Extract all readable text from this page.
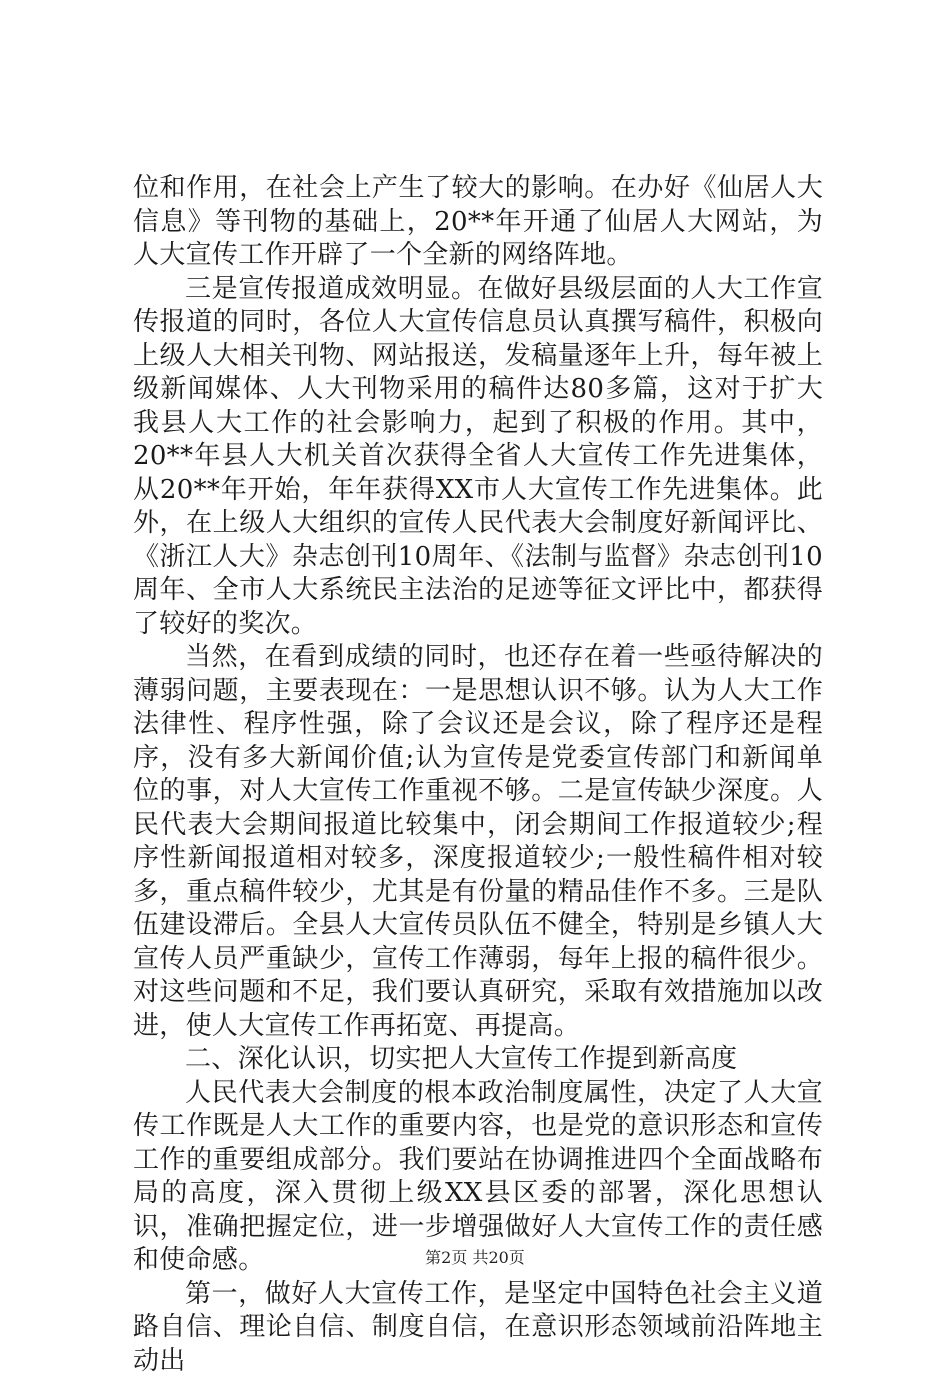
位和作用，在社会上产生了较大的影响。在办好《仙居人大信息》等刊物的基础上，20**年开通了仙居人大网站，为人大宣传工作开辟了一个全新的网络阵地。

三是宣传报道成效明显。在做好县级层面的人大工作宣传报道的同时，各位人大宣传信息员认真撰写稿件，积极向上级人大相关刊物、网站报送，发稿量逐年上升，每年被上级新闻媒体、人大刊物采用的稿件达80多篇，这对于扩大我县人大工作的社会影响力，起到了积极的作用。其中，20**年县人大机关首次获得全省人大宣传工作先进集体，从20**年开始，年年获得XX市人大宣传工作先进集体。此外，在上级人大组织的宣传人民代表大会制度好新闻评比、《浙江人大》杂志创刊10周年、《法制与监督》杂志创刊10周年、全市人大系统民主法治的足迹等征文评比中，都获得了较好的奖次。

当然，在看到成绩的同时，也还存在着一些亟待解决的薄弱问题，主要表现在：一是思想认识不够。认为人大工作法律性、程序性强，除了会议还是会议，除了程序还是程序，没有多大新闻价值;认为宣传是党委宣传部门和新闻单位的事，对人大宣传工作重视不够。二是宣传缺少深度。人民代表大会期间报道比较集中，闭会期间工作报道较少;程序性新闻报道相对较多，深度报道较少;一般性稿件相对较多，重点稿件较少，尤其是有份量的精品佳作不多。三是队伍建设滞后。全县人大宣传员队伍不健全，特别是乡镇人大宣传人员严重缺少，宣传工作薄弱，每年上报的稿件很少。对这些问题和不足，我们要认真研究，采取有效措施加以改进，使人大宣传工作再拓宽、再提高。

二、深化认识，切实把人大宣传工作提到新高度

人民代表大会制度的根本政治制度属性，决定了人大宣传工作既是人大工作的重要内容，也是党的意识形态和宣传工作的重要组成部分。我们要站在协调推进四个全面战略布局的高度，深入贯彻上级XX县区委的部署，深化思想认识，准确把握定位，进一步增强做好人大宣传工作的责任感和使命感。

第一，做好人大宣传工作，是坚定中国特色社会主义道路自信、理论自信、制度自信，在意识形态领域前沿阵地主动出

第2页 共20页
